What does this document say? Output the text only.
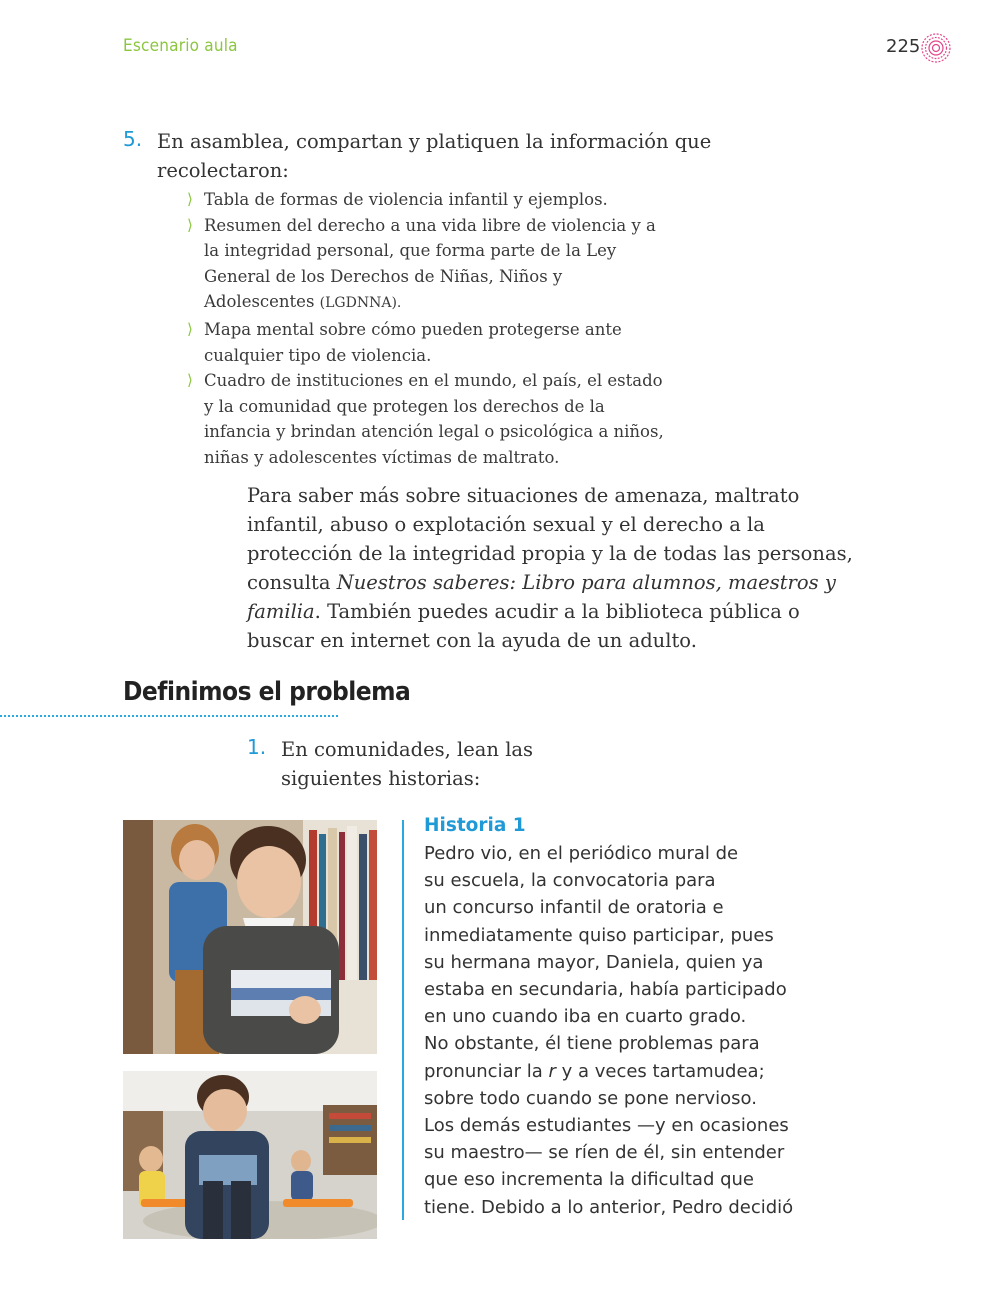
Escenario aula	225
5. En asamblea, compartan y platiquen la información que recolectaron:

⟩ Tabla de formas de violencia infantil y ejemplos.
⟩ Resumen del derecho a una vida libre de violencia y a la integridad personal, que forma parte de la Ley General de los Derechos de Niñas, Niños y Adolescentes (LGDNNA).
⟩ Mapa mental sobre cómo pueden protegerse ante cualquier tipo de violencia.
⟩ Cuadro de instituciones en el mundo, el país, el estado y la comunidad que protegen los derechos de la infancia y brindan atención legal o psicológica a niños, niñas y adolescentes víctimas de maltrato.

Para saber más sobre situaciones de amenaza, maltrato infantil, abuso o explotación sexual y el derecho a la protección de la integridad propia y la de todas las personas, consulta Nuestros saberes: Libro para alumnos, maestros y familia. También puedes acudir a la biblioteca pública o buscar en internet con la ayuda de un adulto.

Definimos el problema
1. En comunidades, lean las siguientes historias:

Historia 1
Pedro vio, en el periódico mural de
su escuela, la convocatoria para
un concurso infantil de oratoria e
inmediatamente quiso participar, pues
su hermana mayor, Daniela, quien ya
estaba en secundaria, había participado
en uno cuando iba en cuarto grado.
No obstante, él tiene problemas para
pronunciar la r y a veces tartamudea;
sobre todo cuando se pone nervioso.
Los demás estudiantes —y en ocasiones
su maestro— se ríen de él, sin entender
que eso incrementa la dificultad que
tiene. Debido a lo anterior, Pedro decidió
